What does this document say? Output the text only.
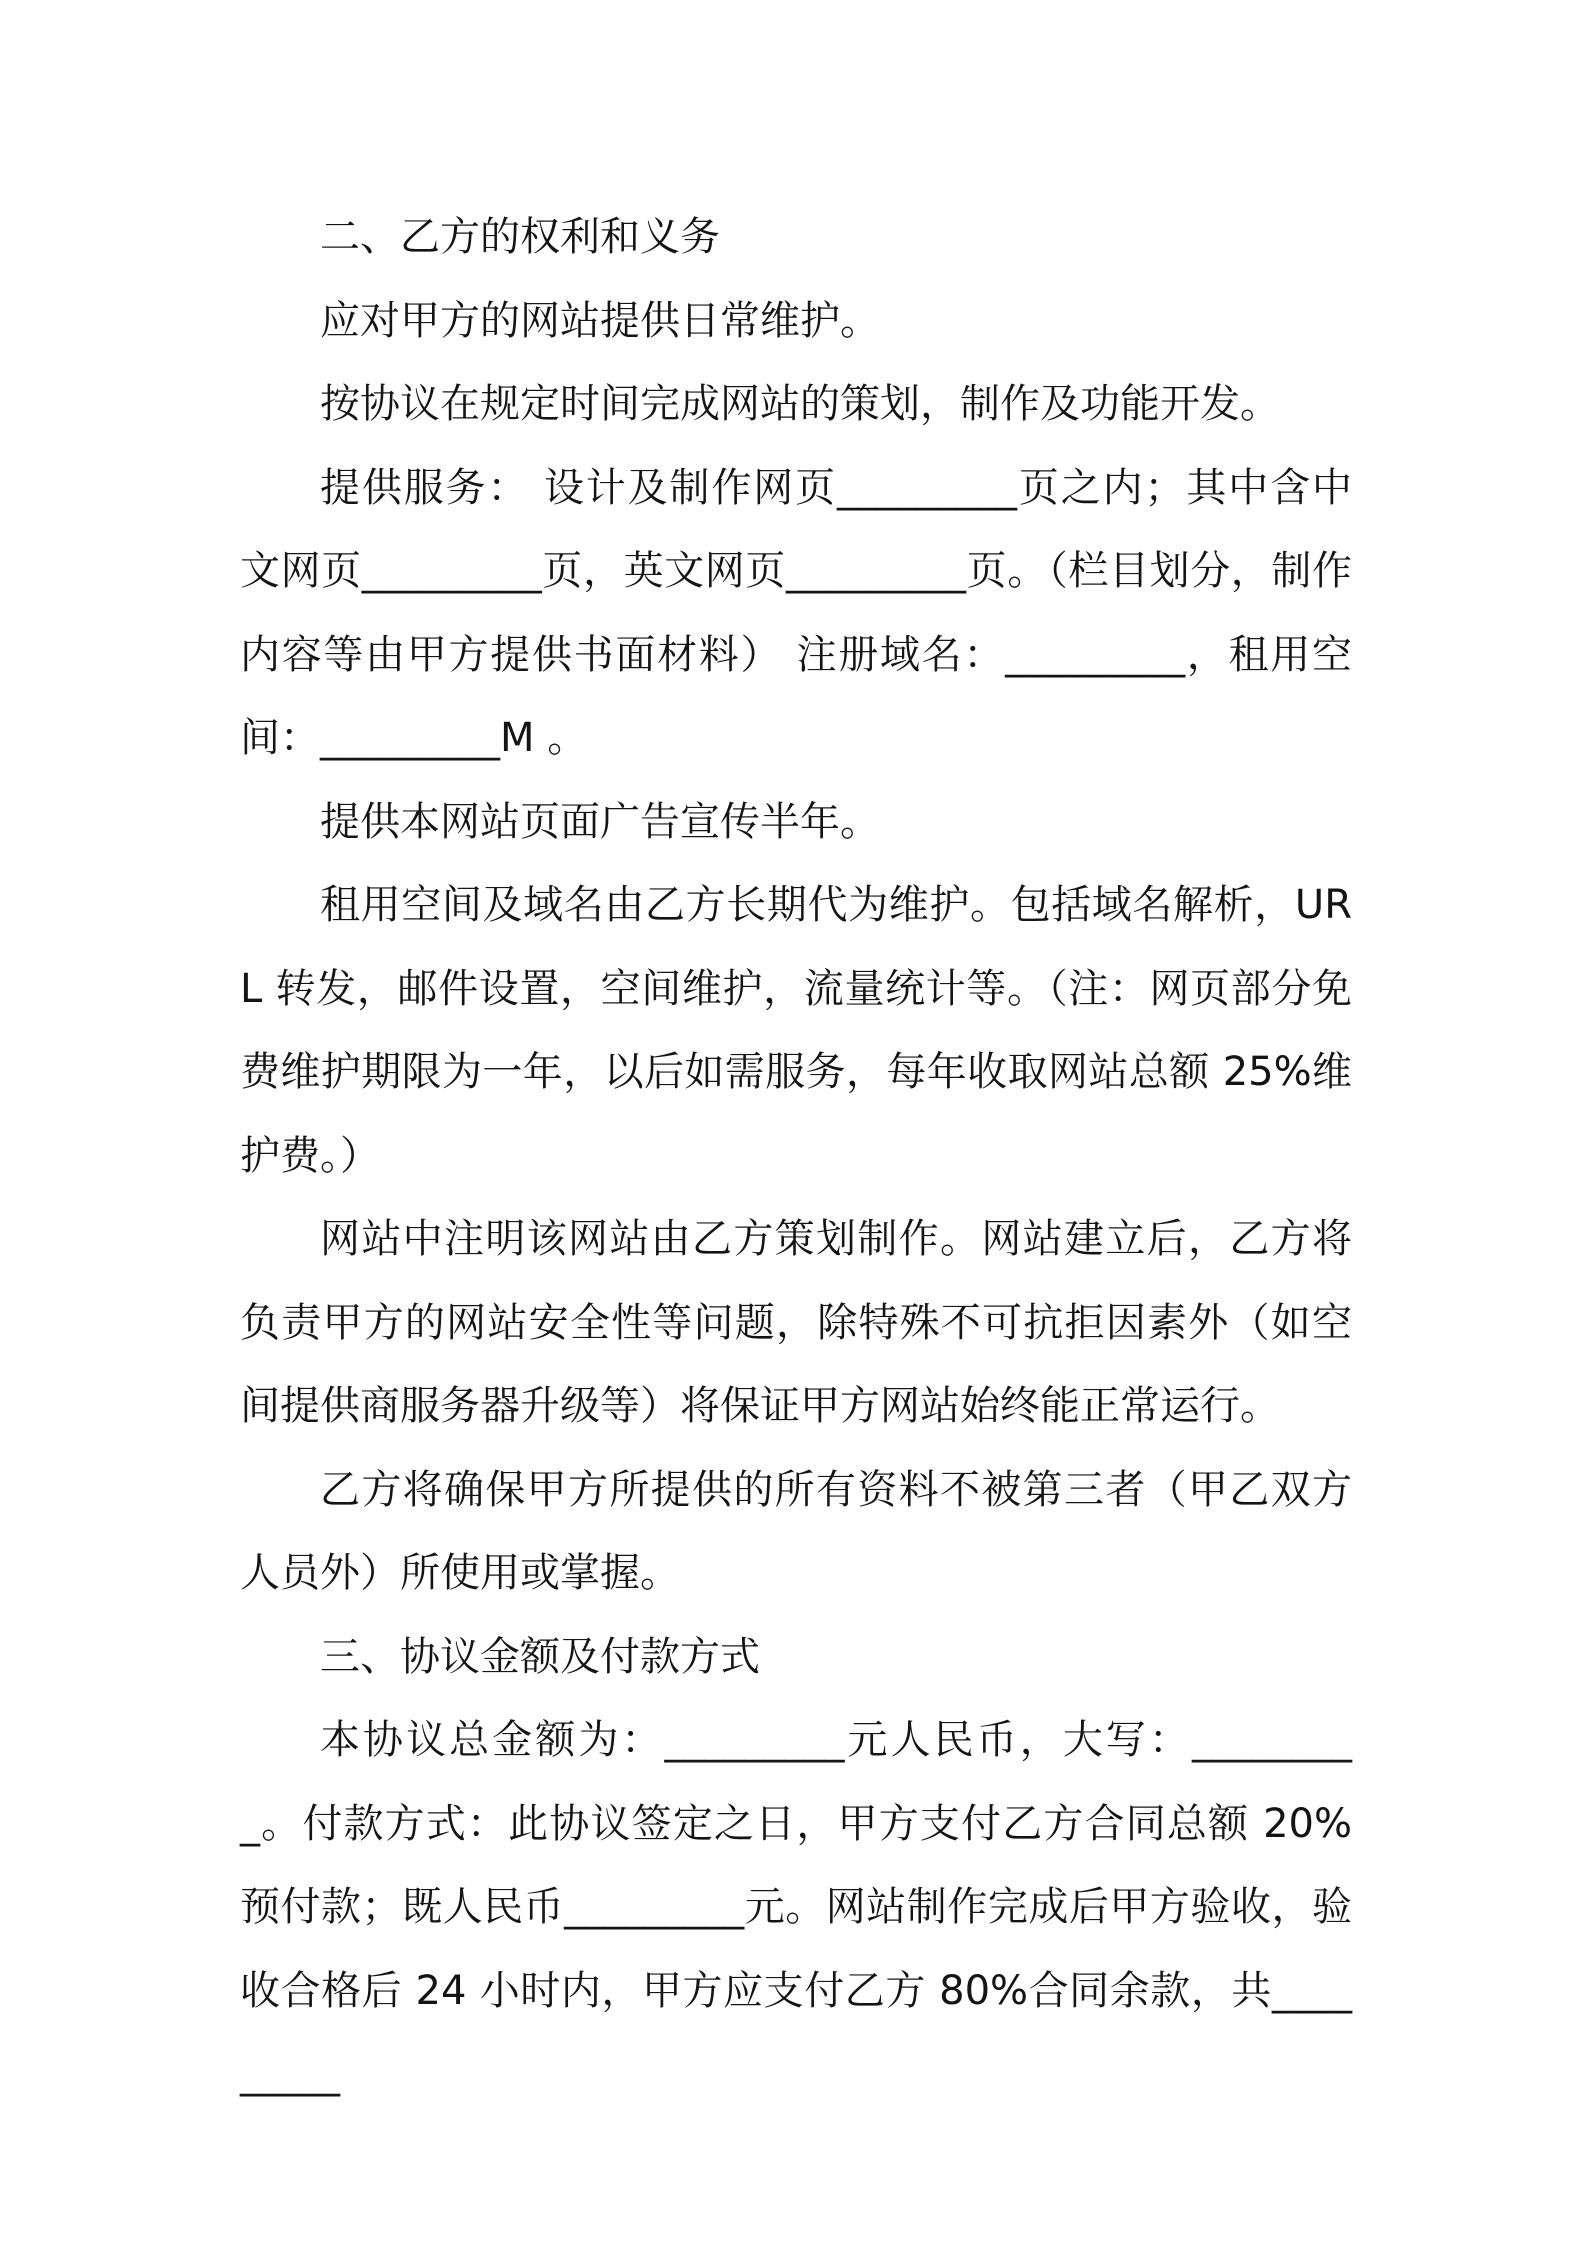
二、乙方的权利和义务

应对甲方的网站提供日常维护。

按协议在规定时间完成网站的策划，制作及功能开发。

提供服务： 设计及制作网页_________页之内；其中含中文网页_________页，英文网页_________页。（栏目划分，制作内容等由甲方提供书面材料） 注册域名：_________，租用空间：_________M 。

提供本网站页面广告宣传半年。

租用空间及域名由乙方长期代为维护。包括域名解析，URL 转发，邮件设置，空间维护，流量统计等。（注：网页部分免费维护期限为一年，以后如需服务，每年收取网站总额 25%维护费。）

网站中注明该网站由乙方策划制作。网站建立后，乙方将负责甲方的网站安全性等问题，除特殊不可抗拒因素外（如空间提供商服务器升级等）将保证甲方网站始终能正常运行。

乙方将确保甲方所提供的所有资料不被第三者（甲乙双方人员外）所使用或掌握。

三、协议金额及付款方式

本协议总金额为：_________元人民币，大写：_________。付款方式：此协议签定之日，甲方支付乙方合同总额 20%预付款；既人民币_________元。网站制作完成后甲方验收，验收合格后 24 小时内，甲方应支付乙方 80%合同余款，共_________
